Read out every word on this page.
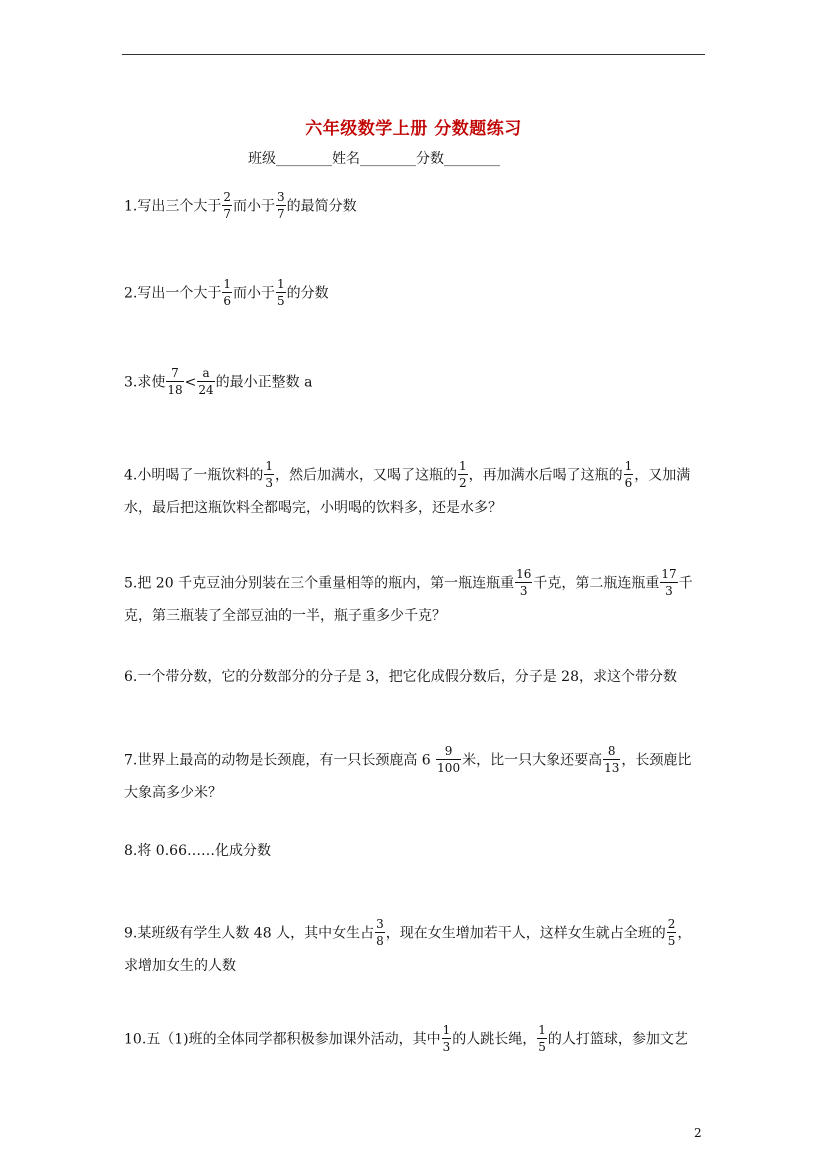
六年级数学上册 分数题练习
班级________姓名________分数________
1.写出三个大于 $\frac{2}{7}$ 而小于 $\frac{3}{7}$ 的最简分数
2.写出一个大于 $\frac{1}{6}$ 而小于 $\frac{1}{5}$ 的分数
3.求使 $\frac{7}{18} < \frac{a}{24}$ 的最小正整数 a
4.小明喝了一瓶饮料的 $\frac{1}{3}$ ，然后加满水，又喝了这瓶的 $\frac{1}{2}$ ，再加满水后喝了这瓶的 $\frac{1}{6}$ ，又加满
水，最后把这瓶饮料全都喝完，小明喝的饮料多，还是水多？
5.把 20 千克豆油分别装在三个重量相等的瓶内，第一瓶连瓶重 $\frac{16}{3}$ 千克，第二瓶连瓶重 $\frac{17}{3}$ 千
克，第三瓶装了全部豆油的一半，瓶子重多少千克？
6.一个带分数，它的分数部分的分子是 3，把它化成假分数后，分子是 28，求这个带分数
7.世界上最高的动物是长颈鹿，有一只长颈鹿高 $6 \frac{9}{100}$ 米，比一只大象还要高 $\frac{8}{13}$ ，长颈鹿比
大象高多少米？
8.将 0.66……化成分数
9.某班级有学生人数 48 人，其中女生占 $\frac{3}{8}$ ，现在女生增加若干人，这样女生就占全班的 $\frac{2}{5}$ ，
求增加女生的人数
10.五（1)班的全体同学都积极参加课外活动，其中 $\frac{1}{3}$ 的人跳长绳， $\frac{1}{5}$ 的人打篮球，参加文艺
2
